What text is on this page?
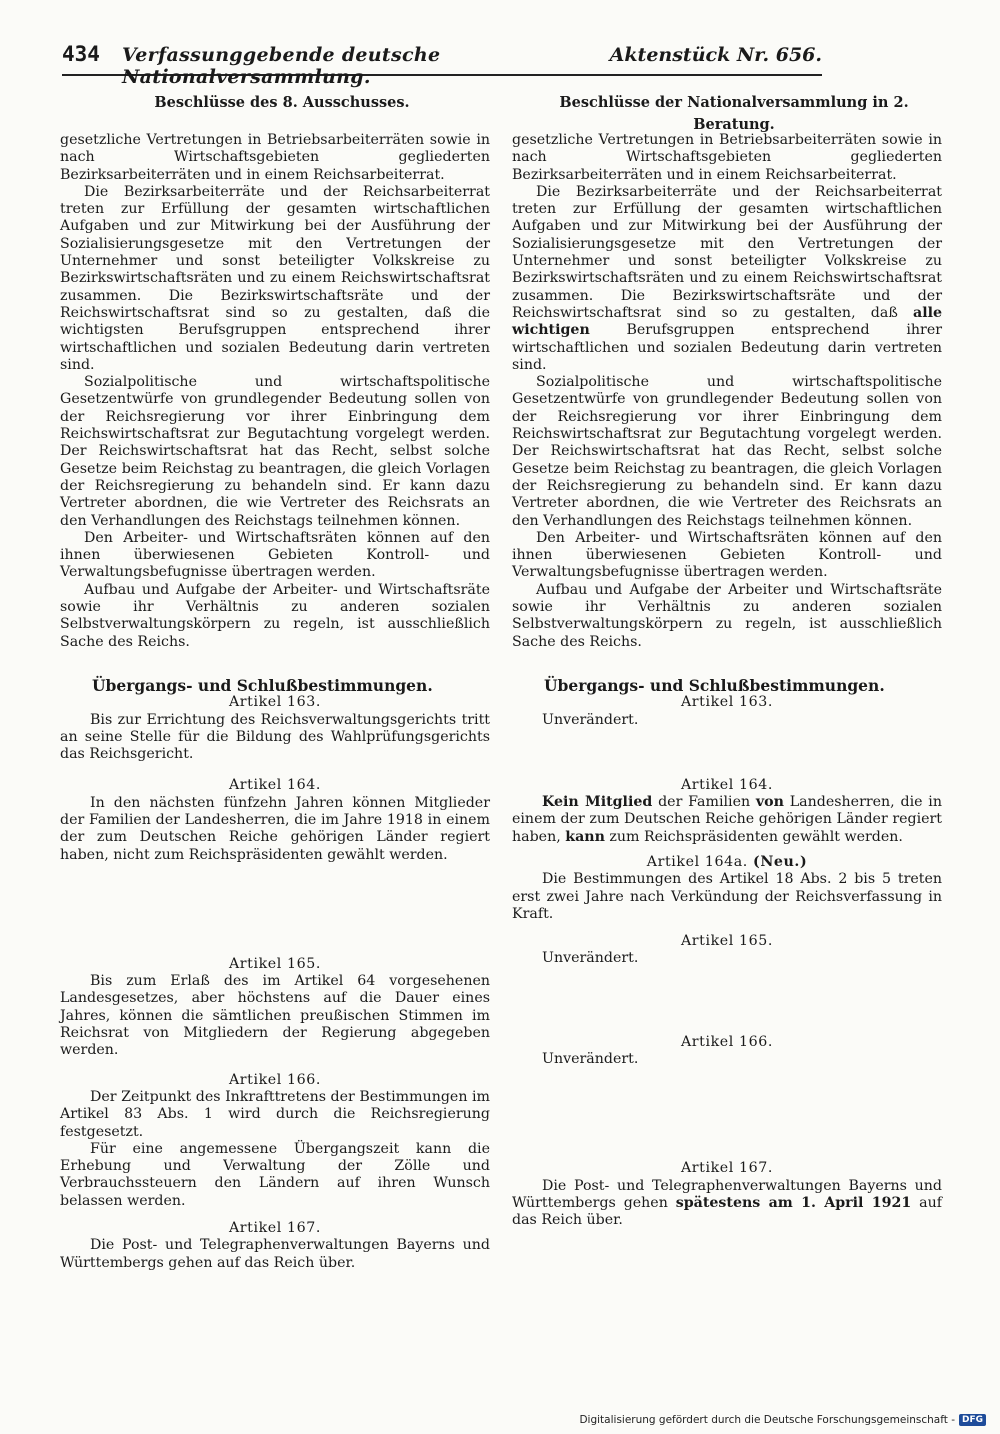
434	Verfassunggebende deutsche Nationalversammlung.
Aktenstück Nr. 656.
Beschlüsse des 8. Ausschusses.

gesetzliche Vertretungen in Betriebsarbeiterräten sowie in nach Wirtschaftsgebieten gegliederten Bezirksarbeiterräten und in einem Reichsarbeiterrat.

Die Bezirksarbeiterräte und der Reichsarbeiterrat treten zur Erfüllung der gesamten wirtschaftlichen Aufgaben und zur Mitwirkung bei der Ausführung der Sozialisierungsgesetze mit den Vertretungen der Unternehmer und sonst beteiligter Volkskreise zu Bezirkswirtschaftsräten und zu einem Reichswirtschaftsrat zusammen. Die Bezirkswirtschaftsräte und der Reichswirtschaftsrat sind so zu gestalten, daß die wichtigsten Berufsgruppen entsprechend ihrer wirtschaftlichen und sozialen Bedeutung darin vertreten sind.

Sozialpolitische und wirtschaftspolitische Gesetzentwürfe von grundlegender Bedeutung sollen von der Reichsregierung vor ihrer Einbringung dem Reichswirtschaftsrat zur Begutachtung vorgelegt werden. Der Reichswirtschaftsrat hat das Recht, selbst solche Gesetze beim Reichstag zu beantragen, die gleich Vorlagen der Reichsregierung zu behandeln sind. Er kann dazu Vertreter abordnen, die wie Vertreter des Reichsrats an den Verhandlungen des Reichstags teilnehmen können.

Den Arbeiter- und Wirtschaftsräten können auf den ihnen überwiesenen Gebieten Kontroll- und Verwaltungsbefugnisse übertragen werden.

Aufbau und Aufgabe der Arbeiter- und Wirtschaftsräte sowie ihr Verhältnis zu anderen sozialen Selbstverwaltungskörpern zu regeln, ist ausschließlich Sache des Reichs.

Übergangs- und Schlußbestimmungen.

Artikel 163.

Bis zur Errichtung des Reichsverwaltungsgerichts tritt an seine Stelle für die Bildung des Wahlprüfungsgerichts das Reichsgericht.

Artikel 164.

In den nächsten fünfzehn Jahren können Mitglieder der Familien der Landesherren, die im Jahre 1918 in einem der zum Deutschen Reiche gehörigen Länder regiert haben, nicht zum Reichspräsidenten gewählt werden.

Artikel 165.

Bis zum Erlaß des im Artikel 64 vorgesehenen Landesgesetzes, aber höchstens auf die Dauer eines Jahres, können die sämtlichen preußischen Stimmen im Reichsrat von Mitgliedern der Regierung abgegeben werden.

Artikel 166.

Der Zeitpunkt des Inkrafttretens der Bestimmungen im Artikel 83 Abs. 1 wird durch die Reichsregierung festgesetzt.

Für eine angemessene Übergangszeit kann die Erhebung und Verwaltung der Zölle und Verbrauchssteuern den Ländern auf ihren Wunsch belassen werden.

Artikel 167.

Die Post- und Telegraphenverwaltungen Bayerns und Württembergs gehen auf das Reich über.

Beschlüsse der Nationalversammlung in 2. Beratung.

gesetzliche Vertretungen in Betriebsarbeiterräten sowie in nach Wirtschaftsgebieten gegliederten Bezirksarbeiterräten und in einem Reichsarbeiterrat.

Die Bezirksarbeiterräte und der Reichsarbeiterrat treten zur Erfüllung der gesamten wirtschaftlichen Aufgaben und zur Mitwirkung bei der Ausführung der Sozialisierungsgesetze mit den Vertretungen der Unternehmer und sonst beteiligter Volkskreise zu Bezirkswirtschaftsräten und zu einem Reichswirtschaftsrat zusammen. Die Bezirkswirtschaftsräte und der Reichswirtschaftsrat sind so zu gestalten, daß alle wichtigen	Berufsgruppen entsprechend ihrer wirtschaftlichen und sozialen Bedeutung darin vertreten sind.

Sozialpolitische und wirtschaftspolitische Gesetzentwürfe von grundlegender Bedeutung sollen von der Reichsregierung vor ihrer Einbringung dem Reichswirtschaftsrat zur Begutachtung vorgelegt werden. Der Reichswirtschaftsrat hat das Recht, selbst solche Gesetze beim Reichstag zu beantragen, die gleich Vorlagen der Reichsregierung zu behandeln sind. Er kann dazu Vertreter abordnen, die wie Vertreter des Reichsrats an den Verhandlungen des Reichstags teilnehmen können.

Den Arbeiter- und Wirtschaftsräten können auf den ihnen überwiesenen Gebieten Kontroll- und Verwaltungsbefugnisse übertragen werden.

Aufbau und Aufgabe der Arbeiter und Wirtschaftsräte sowie ihr Verhältnis zu anderen sozialen Selbstverwaltungskörpern zu regeln, ist ausschließlich Sache des Reichs.

Übergangs- und Schlußbestimmungen.

Artikel 163.

Unverändert.

Artikel 164.

Kein Mitglied der Familien von Landesherren, die in einem der zum Deutschen Reiche gehörigen Länder regiert haben, kann zum Reichspräsidenten gewählt werden.

Artikel 164a. (Neu.)

Die Bestimmungen des Artikel 18 Abs. 2 bis 5 treten erst zwei Jahre nach Verkündung der Reichsverfassung in Kraft.

Artikel 165.

Unverändert.

Artikel 166.

Unverändert.

Artikel 167.

Die Post- und Telegraphenverwaltungen Bayerns und Württembergs gehen spätestens am 1. April 1921 auf das Reich über.

Digitalisierung gefördert durch die Deutsche Forschungsgemeinschaft - DFG
